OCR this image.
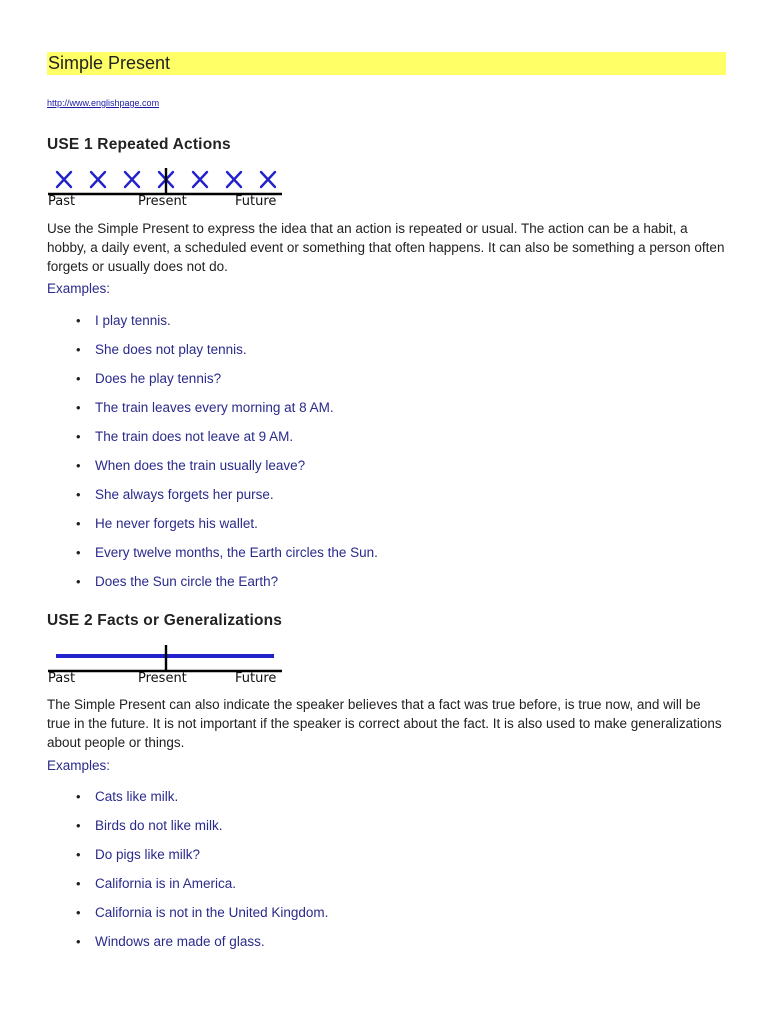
Simple Present
http://www.englishpage.com
USE 1 Repeated Actions
Past	Present	Future
Use the Simple Present to express the idea that an action is repeated or usual. The action can be a habit, a hobby, a daily event, a scheduled event or something that often happens. It can also be something a person often forgets or usually does not do.
Examples:
• I play tennis.
• She does not play tennis.
• Does he play tennis?
• The train leaves every morning at 8 AM.
• The train does not leave at 9 AM.
• When does the train usually leave?
• She always forgets her purse.
• He never forgets his wallet.
• Every twelve months, the Earth circles the Sun.
• Does the Sun circle the Earth?
USE 2 Facts or Generalizations
Past	Present	Future
The Simple Present can also indicate the speaker believes that a fact was true before, is true now, and will be true in the future. It is not important if the speaker is correct about the fact. It is also used to make generalizations about people or things.
Examples:
• Cats like milk.
• Birds do not like milk.
• Do pigs like milk?
• California is in America.
• California is not in the United Kingdom.
• Windows are made of glass.
